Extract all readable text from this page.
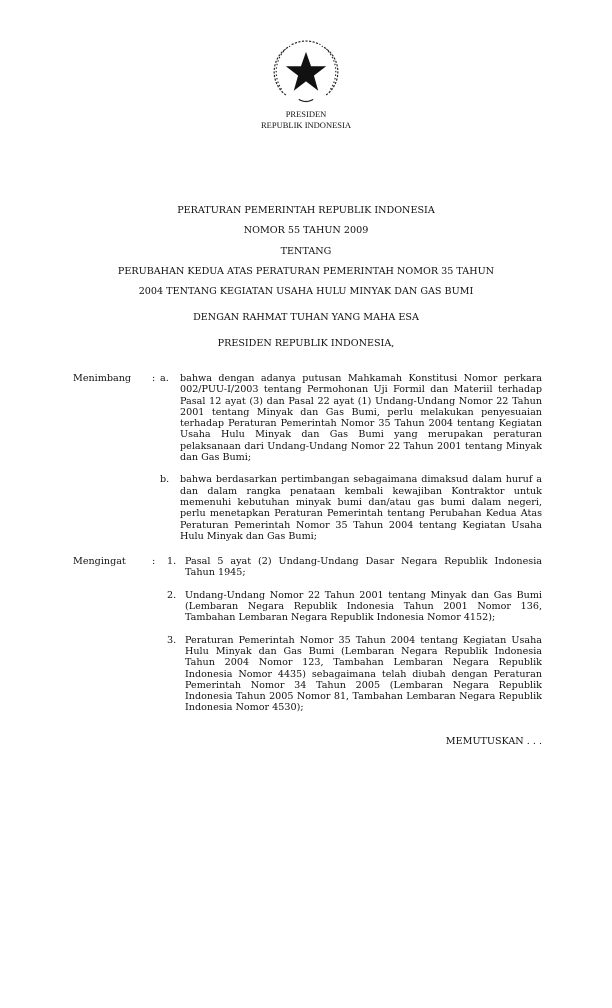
PRESIDEN
REPUBLIK INDONESIA
PERATURAN PEMERINTAH REPUBLIK INDONESIA
NOMOR 55 TAHUN 2009
TENTANG
PERUBAHAN KEDUA ATAS PERATURAN PEMERINTAH NOMOR 35 TAHUN
2004 TENTANG KEGIATAN USAHA HULU MINYAK DAN GAS BUMI
DENGAN RAHMAT TUHAN YANG MAHA ESA
PRESIDEN REPUBLIK INDONESIA,
Menimbang : a. bahwa dengan adanya putusan Mahkamah Konstitusi Nomor perkara 002/PUU-I/2003 tentang Permohonan Uji Formil dan Materiil terhadap Pasal 12 ayat (3) dan Pasal 22 ayat (1) Undang-Undang Nomor 22 Tahun 2001 tentang Minyak dan Gas Bumi, perlu melakukan penyesuaian terhadap Peraturan Pemerintah Nomor 35 Tahun 2004 tentang Kegiatan Usaha Hulu Minyak dan Gas Bumi yang merupakan peraturan pelaksanaan dari Undang-Undang Nomor 22 Tahun 2001 tentang Minyak dan Gas Bumi;
b. bahwa berdasarkan pertimbangan sebagaimana dimaksud dalam huruf a dan dalam rangka penataan kembali kewajiban Kontraktor untuk memenuhi kebutuhan minyak bumi dan/atau gas bumi dalam negeri, perlu menetapkan Peraturan Pemerintah tentang Perubahan Kedua Atas Peraturan Pemerintah Nomor 35 Tahun 2004 tentang Kegiatan Usaha Hulu Minyak dan Gas Bumi;
Mengingat	: 1. Pasal 5 ayat (2) Undang-Undang Dasar Negara Republik Indonesia Tahun 1945;
2. Undang-Undang Nomor 22 Tahun 2001 tentang Minyak dan Gas Bumi (Lembaran Negara Republik Indonesia Tahun 2001 Nomor 136, Tambahan Lembaran Negara Republik Indonesia Nomor 4152);
3. Peraturan Pemerintah Nomor 35 Tahun 2004 tentang Kegiatan Usaha Hulu Minyak dan Gas Bumi (Lembaran Negara Republik Indonesia Tahun 2004 Nomor 123, Tambahan Lembaran Negara Republik Indonesia Nomor 4435) sebagaimana telah diubah dengan Peraturan Pemerintah Nomor 34 Tahun 2005 (Lembaran Negara Republik Indonesia Tahun 2005 Nomor 81, Tambahan Lembaran Negara Republik Indonesia Nomor 4530);
MEMUTUSKAN . . .
